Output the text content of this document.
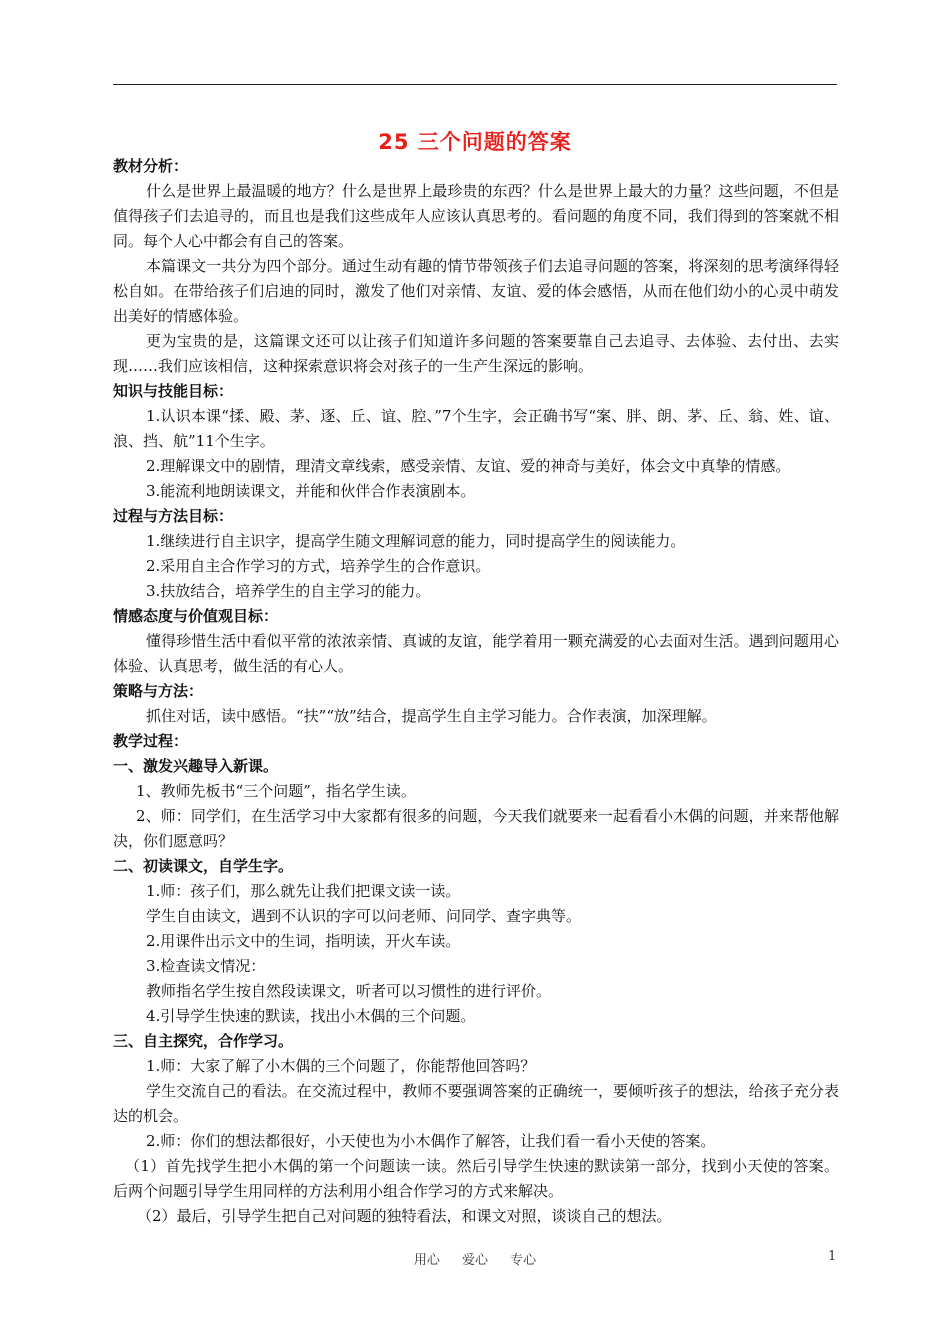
25 三个问题的答案

教材分析：

什么是世界上最温暖的地方？什么是世界上最珍贵的东西？什么是世界上最大的力量？这些问题，不但是值得孩子们去追寻的，而且也是我们这些成年人应该认真思考的。看问题的角度不同，我们得到的答案就不相同。每个人心中都会有自己的答案。

本篇课文一共分为四个部分。通过生动有趣的情节带领孩子们去追寻问题的答案，将深刻的思考演绎得轻松自如。在带给孩子们启迪的同时，激发了他们对亲情、友谊、爱的体会感悟，从而在他们幼小的心灵中萌发出美好的情感体验。

更为宝贵的是，这篇课文还可以让孩子们知道许多问题的答案要靠自己去追寻、去体验、去付出、去实现……我们应该相信，这种探索意识将会对孩子的一生产生深远的影响。

知识与技能目标：

1.认识本课“揉、殿、茅、逐、丘、谊、腔、”7个生字，会正确书写“案、胖、朗、茅、丘、翁、姓、谊、浪、挡、航”11个生字。

2.理解课文中的剧情，理清文章线索，感受亲情、友谊、爱的神奇与美好，体会文中真挚的情感。

3.能流利地朗读课文，并能和伙伴合作表演剧本。

过程与方法目标：

1.继续进行自主识字，提高学生随文理解词意的能力，同时提高学生的阅读能力。

2.采用自主合作学习的方式，培养学生的合作意识。

3.扶放结合，培养学生的自主学习的能力。

情感态度与价值观目标：

懂得珍惜生活中看似平常的浓浓亲情、真诚的友谊，能学着用一颗充满爱的心去面对生活。遇到问题用心体验、认真思考，做生活的有心人。

策略与方法：

抓住对话，读中感悟。“扶”“放”结合，提高学生自主学习能力。合作表演，加深理解。

教学过程：

一、激发兴趣导入新课。

1、教师先板书“三个问题”，指名学生读。

2、师：同学们，在生活学习中大家都有很多的问题，今天我们就要来一起看看小木偶的问题，并来帮他解决，你们愿意吗？

二、初读课文，自学生字。

1.师：孩子们，那么就先让我们把课文读一读。

学生自由读文，遇到不认识的字可以问老师、问同学、查字典等。

2.用课件出示文中的生词，指明读，开火车读。

3.检查读文情况：

教师指名学生按自然段读课文，听者可以习惯性的进行评价。

4.引导学生快速的默读，找出小木偶的三个问题。

三、自主探究，合作学习。

1.师：大家了解了小木偶的三个问题了，你能帮他回答吗？

学生交流自己的看法。在交流过程中，教师不要强调答案的正确统一，要倾听孩子的想法，给孩子充分表达的机会。

2.师：你们的想法都很好，小天使也为小木偶作了解答，让我们看一看小天使的答案。

（1）首先找学生把小木偶的第一个问题读一读。然后引导学生快速的默读第一部分，找到小天使的答案。后两个问题引导学生用同样的方法利用小组合作学习的方式来解决。

（2）最后，引导学生把自己对问题的独特看法，和课文对照，谈谈自己的想法。

用心 爱心 专心	1
